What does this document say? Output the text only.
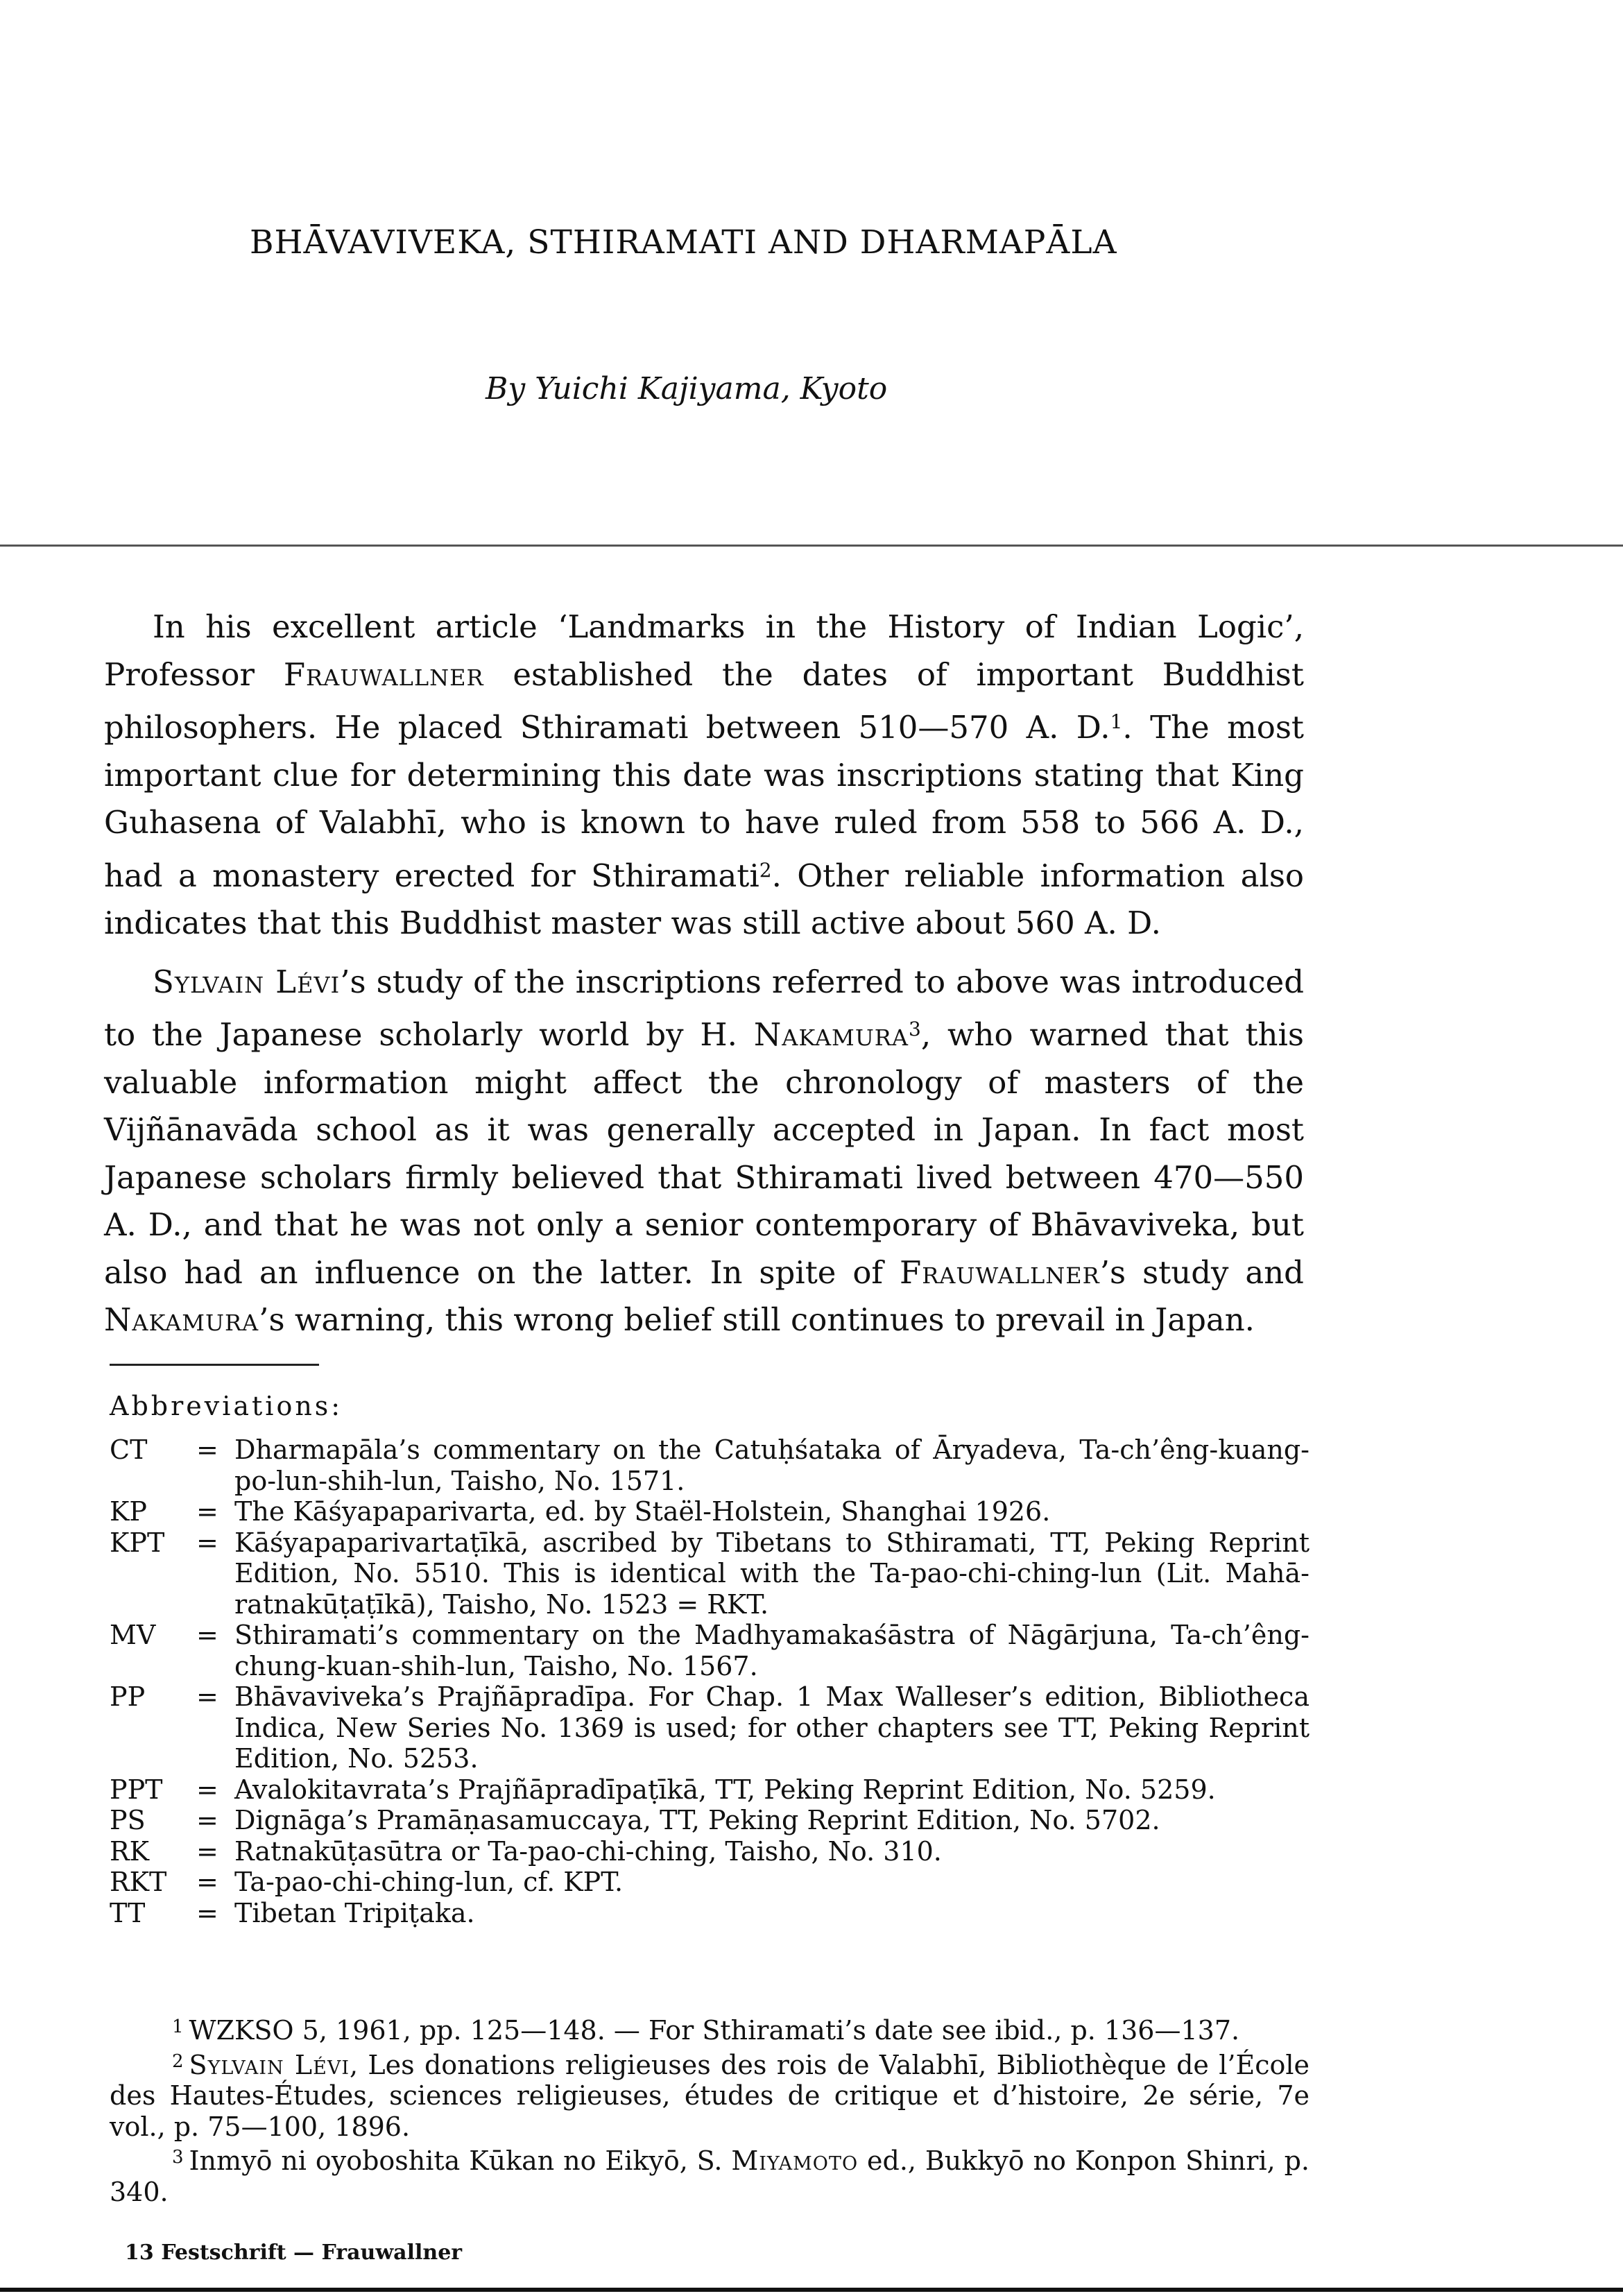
BHĀVAVIVEKA, STHIRAMATI AND DHARMAPĀLA
By Yuichi Kajiyama, Kyoto

In his excellent article ‘Landmarks in the History of Indian Logic’, Professor Frauwallner established the dates of important Buddhist philosophers. He placed Sthiramati between 510—570 A. D.$^1$. The most important clue for determining this date was inscriptions stating that King Guhasena of Valabhī, who is known to have ruled from 558 to 566 A. D., had a monastery erected for Sthiramati$^2$. Other reliable information also indicates that this Buddhist master was still active about 560 A. D.

Sylvain Lévi’s study of the inscriptions referred to above was introduced to the Japanese scholarly world by H. Nakamura$^3$, who warned that this valuable information might affect the chronology of masters of the Vijñānavāda school as it was generally accepted in Japan. In fact most Japanese scholars firmly believed that Sthiramati lived between 470—550 A. D., and that he was not only a senior contemporary of Bhāvaviveka, but also had an influence on the latter. In spite of Frauwallner’s study and Nakamura’s warning, this wrong belief still continues to prevail in Japan.

Abbreviations:
CT	= Dharmapāla’s commentary on the Catuḥśataka of Āryadeva, Ta-ch’êng-kuang-po-lun-shih-lun, Taisho, No. 1571.
KP	= The Kāśyapaparivarta, ed. by Staël-Holstein, Shanghai 1926.
KPT	= Kāśyapaparivartaṭīkā, ascribed by Tibetans to Sthiramati, TT, Peking Reprint Edition, No. 5510. This is identical with the Ta-pao-chi-ching-lun (Lit. Mahā-ratnakūṭaṭīkā), Taisho, No. 1523 = RKT.
MV	= Sthiramati’s commentary on the Madhyamakaśāstra of Nāgārjuna, Ta-ch’êng-chung-kuan-shih-lun, Taisho, No. 1567.
PP	= Bhāvaviveka’s Prajñāpradīpa. For Chap. 1 Max Walleser’s edition, Bibliotheca Indica, New Series No. 1369 is used; for other chapters see TT, Peking Reprint Edition, No. 5253.
PPT	= Avalokitavrata’s Prajñāpradīpaṭīkā, TT, Peking Reprint Edition, No. 5259.
PS	= Dignāga’s Pramāṇasamuccaya, TT, Peking Reprint Edition, No. 5702.
RK	= Ratnakūṭasūtra or Ta-pao-chi-ching, Taisho, No. 310.
RKT	= Ta-pao-chi-ching-lun, cf. KPT.
TT	= Tibetan Tripiṭaka.

$^1$ WZKSO 5, 1961, pp. 125—148. — For Sthiramati’s date see ibid., p. 136—137.

$^2$ Sylvain Lévi, Les donations religieuses des rois de Valabhī, Bibliothèque de l’École des Hautes-Études, sciences religieuses, études de critique et d’histoire, 2e série, 7e vol., p. 75—100, 1896.

$^3$ Inmyō ni oyoboshita Kūkan no Eikyō, S. Miyamoto ed., Bukkyō no Konpon Shinri, p. 340.

13 Festschrift — Frauwallner
